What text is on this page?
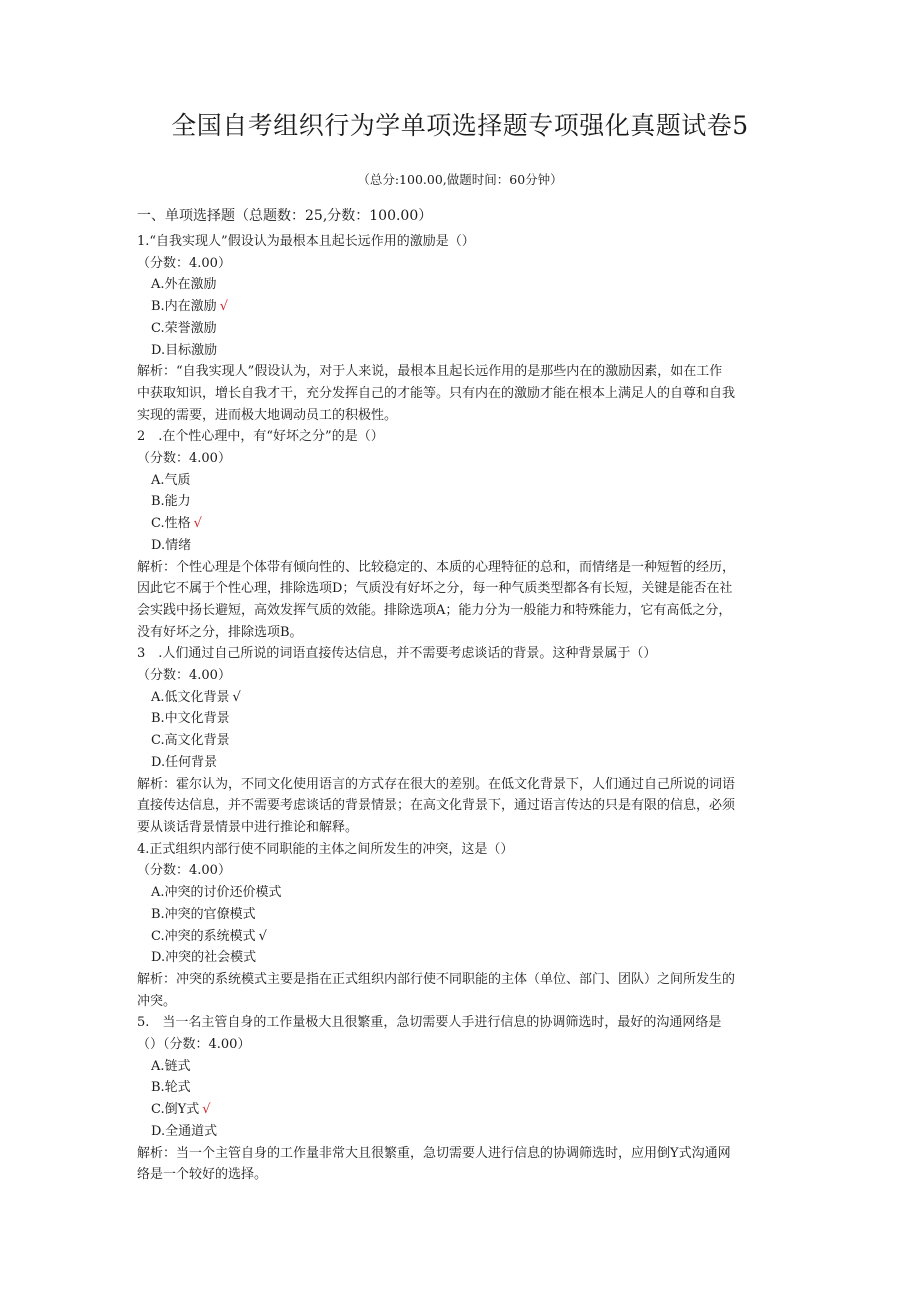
全国自考组织行为学单项选择题专项强化真题试卷5
（总分:100.00,做题时间：60分钟）
一、单项选择题（总题数：25,分数：100.00）
1.“自我实现人”假设认为最根本且起长远作用的激励是（）
（分数：4.00）
A.外在激励
B.内在激励 √
C.荣誉激励
D.目标激励
解析：“自我实现人”假设认为，对于人来说，最根本且起长远作用的是那些内在的激励因素，如在工作
中获取知识，增长自我才干，充分发挥自己的才能等。只有内在的激励才能在根本上满足人的自尊和自我
实现的需要，进而极大地调动员工的积极性。
2　.在个性心理中，有“好坏之分”的是（）
（分数：4.00）
A.气质
B.能力
C.性格 √
D.情绪
解析：个性心理是个体带有倾向性的、比较稳定的、本质的心理特征的总和，而情绪是一种短暂的经历，
因此它不属于个性心理，排除选项D；气质没有好坏之分，每一种气质类型都各有长短，关键是能否在社
会实践中扬长避短，高效发挥气质的效能。排除选项A；能力分为一般能力和特殊能力，它有高低之分，
没有好坏之分，排除选项B。
3　.人们通过自己所说的词语直接传达信息，并不需要考虑谈话的背景。这种背景属于（）
（分数：4.00）
A.低文化背景 √
B.中文化背景
C.高文化背景
D.任何背景
解析：霍尔认为，不同文化使用语言的方式存在很大的差别。在低文化背景下，人们通过自己所说的词语
直接传达信息，并不需要考虑谈话的背景情景；在高文化背景下，通过语言传达的只是有限的信息，必须
要从谈话背景情景中进行推论和解释。
4.正式组织内部行使不同职能的主体之间所发生的冲突，这是（）
（分数：4.00）
A.冲突的讨价还价模式
B.冲突的官僚模式
C.冲突的系统模式 √
D.冲突的社会模式
解析：冲突的系统模式主要是指在正式组织内部行使不同职能的主体（单位、部门、团队）之间所发生的
冲突。
5.　当一名主管自身的工作量极大且很繁重，急切需要人手进行信息的协调筛选时，最好的沟通网络是
（）（分数：4.00）
A.链式
B.轮式
C.倒Y式 √
D.全通道式
解析：当一个主管自身的工作量非常大且很繁重，急切需要人进行信息的协调筛选时，应用倒Y式沟通网
络是一个较好的选择。
